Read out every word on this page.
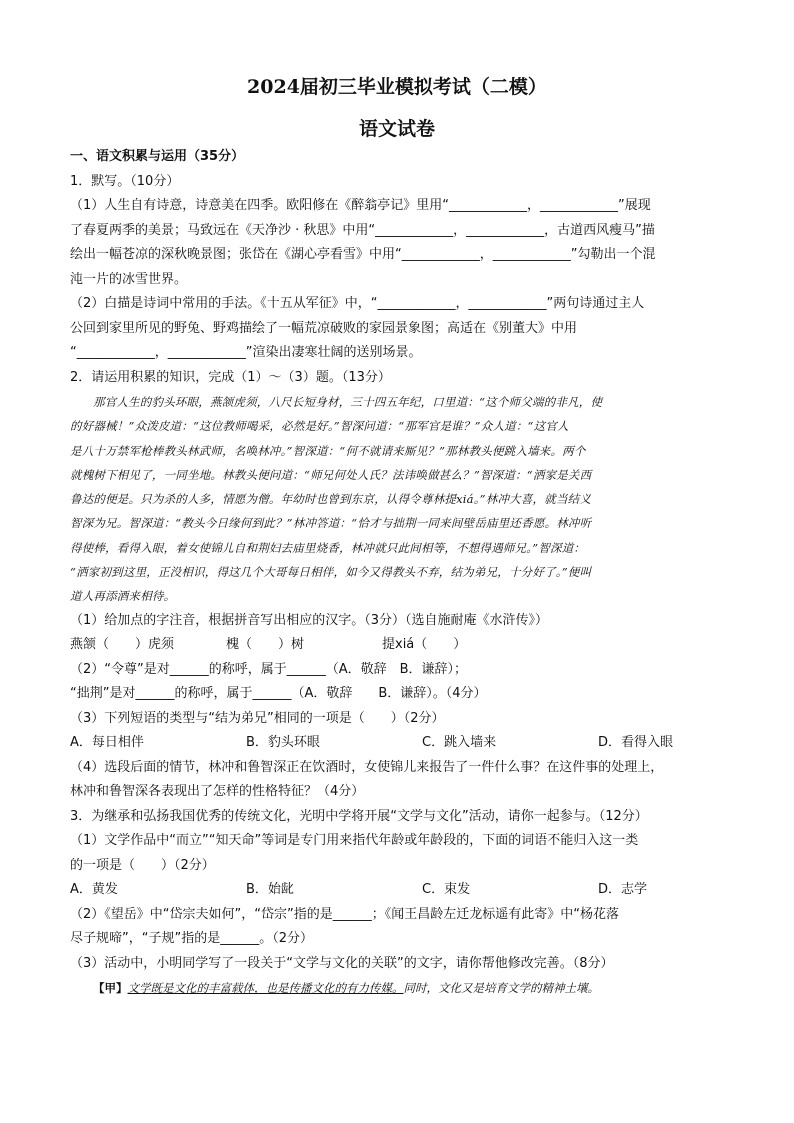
2024届初三毕业模拟考试（二模）
语文试卷

一、语文积累与运用（35分）

1．默写。（10分）

（1）人生自有诗意，诗意美在四季。欧阳修在《醉翁亭记》里用“____________，____________”展现

了春夏两季的美景；马致远在《天净沙 · 秋思》中用“____________，____________，古道西风瘦马”描

绘出一幅苍凉的深秋晚景图；张岱在《湖心亭看雪》中用“____________，____________”勾勒出一个混

沌一片的冰雪世界。

（2）白描是诗词中常用的手法。《十五从军征》中，“____________，____________”两句诗通过主人

公回到家里所见的野兔、野鸡描绘了一幅荒凉破败的家园景象图；高适在《别董大》中用

“____________，____________”渲染出凄寒壮阔的送别场景。

2．请运用积累的知识，完成（1）～（3）题。（13分）

那官人生的豹头环眼，燕颔虎须，八尺长短身材，三十四五年纪，口里道：“这个师父端的非凡，使

的好器械！”众泼皮道：“这位教师喝采，必然是好。”智深问道：“那军官是谁？”众人道：“这官人

是八十万禁军枪棒教头林武师，名唤林冲。”智深道：“何不就请来厮见？”那林教头便跳入墙来。两个

就槐树下相见了，一同坐地。林教头便问道：“师兄何处人氏？法讳唤做甚么？”智深道：“洒家是关西

鲁达的便是。只为杀的人多，情愿为僧。年幼时也曾到东京，认得令尊林提xiá。”林冲大喜，就当结义

智深为兄。智深道：“教头今日缘何到此？”林冲答道：“恰才与拙荆一同来间壁岳庙里还香愿。林冲听

得使棒，看得入眼，着女使锦儿自和荆妇去庙里烧香，林冲就只此间相等，不想得遇师兄。”智深道：

“洒家初到这里，正没相识，得这几个大哥每日相伴，如今又得教头不弃，结为弟兄，十分好了。”便叫

道人再添酒来相待。

（1）给加点的字注音，根据拼音写出相应的汉字。（3分）（选自施耐庵《水浒传》）

燕颔（　　）虎须　　　　槐（　　）树　　　　　　提xiá（　　）

（2）“令尊”是对______的称呼，属于______（A．敬辞　B．谦辞）；

“拙荆”是对______的称呼，属于______（A．敬辞　　B．谦辞）。（4分）

（3）下列短语的类型与“结为弟兄”相同的一项是（　　）（2分）

A．每日相伴	B．豹头环眼	C．跳入墙来	D．看得入眼

（4）选段后面的情节，林冲和鲁智深正在饮酒时，女使锦儿来报告了一件什么事？在这件事的处理上，

林冲和鲁智深各表现出了怎样的性格特征？（4分）

3．为继承和弘扬我国优秀的传统文化，光明中学将开展“文学与文化”活动，请你一起参与。（12分）

（1）文学作品中“而立”“知天命”等词是专门用来指代年龄或年龄段的，下面的词语不能归入这一类

的一项是（　　）（2分）

A．黄发	B．始龀	C．束发	D．志学

（2）《望岳》中“岱宗夫如何”，“岱宗”指的是______；《闻王昌龄左迁龙标遥有此寄》中“杨花落

尽子规啼”，“子规”指的是______。（2分）

（3）活动中，小明同学写了一段关于“文学与文化的关联”的文字，请你帮他修改完善。（8分）

【甲】文学既是文化的丰富载体，也是传播文化的有力传媒。同时，文化又是培育文学的精神土壤。
